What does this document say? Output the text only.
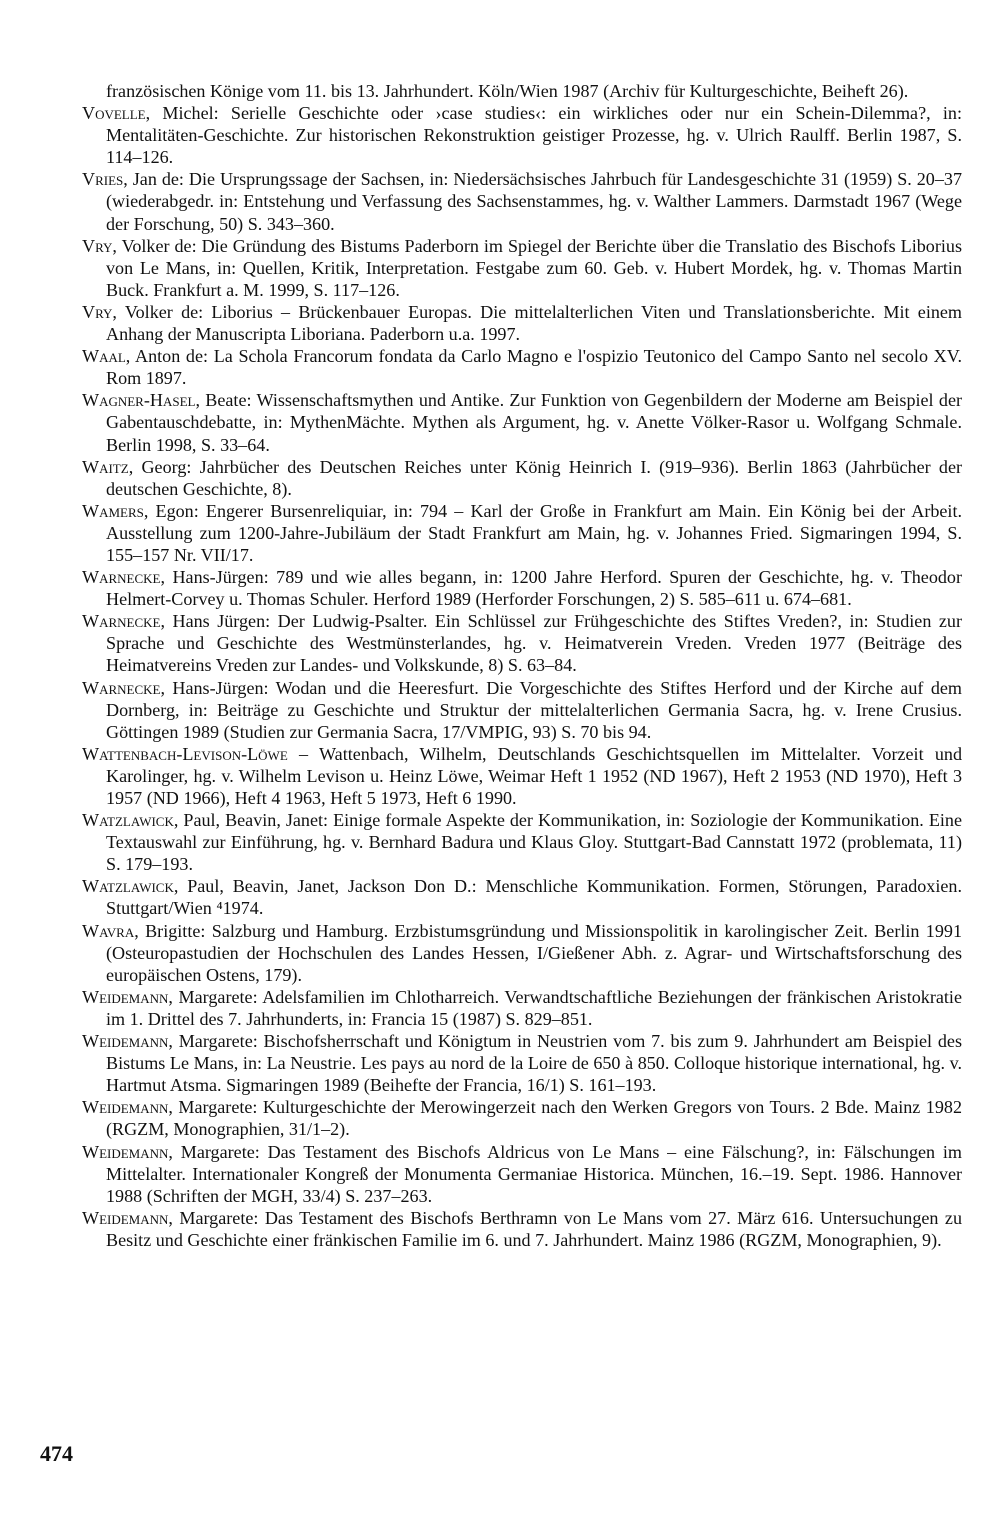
französischen Könige vom 11. bis 13. Jahrhundert. Köln/Wien 1987 (Archiv für Kulturgeschichte, Beiheft 26).

Vovelle, Michel: Serielle Geschichte oder ›case studies‹: ein wirkliches oder nur ein Schein-Dilemma?, in: Mentalitäten-Geschichte. Zur historischen Rekonstruktion geistiger Prozesse, hg. v. Ulrich Raulff. Berlin 1987, S. 114–126.

Vries, Jan de: Die Ursprungssage der Sachsen, in: Niedersächsisches Jahrbuch für Landesgeschichte 31 (1959) S. 20–37 (wiederabgedr. in: Entstehung und Verfassung des Sachsenstammes, hg. v. Walther Lammers. Darmstadt 1967 (Wege der Forschung, 50) S. 343–360.

Vry, Volker de: Die Gründung des Bistums Paderborn im Spiegel der Berichte über die Translatio des Bischofs Liborius von Le Mans, in: Quellen, Kritik, Interpretation. Festgabe zum 60. Geb. v. Hubert Mordek, hg. v. Thomas Martin Buck. Frankfurt a. M. 1999, S. 117–126.

Vry, Volker de: Liborius – Brückenbauer Europas. Die mittelalterlichen Viten und Translationsberichte. Mit einem Anhang der Manuscripta Liboriana. Paderborn u.a. 1997.

Waal, Anton de: La Schola Francorum fondata da Carlo Magno e l'ospizio Teutonico del Campo Santo nel secolo XV. Rom 1897.

Wagner-Hasel, Beate: Wissenschaftsmythen und Antike. Zur Funktion von Gegenbildern der Moderne am Beispiel der Gabentauschdebatte, in: MythenMächte. Mythen als Argument, hg. v. Anette Völker-Rasor u. Wolfgang Schmale. Berlin 1998, S. 33–64.

Waitz, Georg: Jahrbücher des Deutschen Reiches unter König Heinrich I. (919–936). Berlin 1863 (Jahrbücher der deutschen Geschichte, 8).

Wamers, Egon: Engerer Bursenreliquiar, in: 794 – Karl der Große in Frankfurt am Main. Ein König bei der Arbeit. Ausstellung zum 1200-Jahre-Jubiläum der Stadt Frankfurt am Main, hg. v. Johannes Fried. Sigmaringen 1994, S. 155–157 Nr. VII/17.

Warnecke, Hans-Jürgen: 789 und wie alles begann, in: 1200 Jahre Herford. Spuren der Geschichte, hg. v. Theodor Helmert-Corvey u. Thomas Schuler. Herford 1989 (Herforder Forschungen, 2) S. 585–611 u. 674–681.

Warnecke, Hans Jürgen: Der Ludwig-Psalter. Ein Schlüssel zur Frühgeschichte des Stiftes Vreden?, in: Studien zur Sprache und Geschichte des Westmünsterlandes, hg. v. Heimatverein Vreden. Vreden 1977 (Beiträge des Heimatvereins Vreden zur Landes- und Volkskunde, 8) S. 63–84.

Warnecke, Hans-Jürgen: Wodan und die Heeresfurt. Die Vorgeschichte des Stiftes Herford und der Kirche auf dem Dornberg, in: Beiträge zu Geschichte und Struktur der mittelalterlichen Germania Sacra, hg. v. Irene Crusius. Göttingen 1989 (Studien zur Germania Sacra, 17/VMPIG, 93) S. 70 bis 94.

Wattenbach-Levison-Löwe – Wattenbach, Wilhelm, Deutschlands Geschichtsquellen im Mittelalter. Vorzeit und Karolinger, hg. v. Wilhelm Levison u. Heinz Löwe, Weimar Heft 1 1952 (ND 1967), Heft 2 1953 (ND 1970), Heft 3 1957 (ND 1966), Heft 4 1963, Heft 5 1973, Heft 6 1990.

Watzlawick, Paul, Beavin, Janet: Einige formale Aspekte der Kommunikation, in: Soziologie der Kommunikation. Eine Textauswahl zur Einführung, hg. v. Bernhard Badura und Klaus Gloy. Stuttgart-Bad Cannstatt 1972 (problemata, 11) S. 179–193.

Watzlawick, Paul, Beavin, Janet, Jackson Don D.: Menschliche Kommunikation. Formen, Störungen, Paradoxien. Stuttgart/Wien ⁴1974.

Wavra, Brigitte: Salzburg und Hamburg. Erzbistumsgründung und Missionspolitik in karolingischer Zeit. Berlin 1991 (Osteuropastudien der Hochschulen des Landes Hessen, I/Gießener Abh. z. Agrar- und Wirtschaftsforschung des europäischen Ostens, 179).

Weidemann, Margarete: Adelsfamilien im Chlotharreich. Verwandtschaftliche Beziehungen der fränkischen Aristokratie im 1. Drittel des 7. Jahrhunderts, in: Francia 15 (1987) S. 829–851.

Weidemann, Margarete: Bischofsherrschaft und Königtum in Neustrien vom 7. bis zum 9. Jahrhundert am Beispiel des Bistums Le Mans, in: La Neustrie. Les pays au nord de la Loire de 650 à 850. Colloque historique international, hg. v. Hartmut Atsma. Sigmaringen 1989 (Beihefte der Francia, 16/1) S. 161–193.

Weidemann, Margarete: Kulturgeschichte der Merowingerzeit nach den Werken Gregors von Tours. 2 Bde. Mainz 1982 (RGZM, Monographien, 31/1–2).

Weidemann, Margarete: Das Testament des Bischofs Aldricus von Le Mans – eine Fälschung?, in: Fälschungen im Mittelalter. Internationaler Kongreß der Monumenta Germaniae Historica. München, 16.–19. Sept. 1986. Hannover 1988 (Schriften der MGH, 33/4) S. 237–263.

Weidemann, Margarete: Das Testament des Bischofs Berthramn von Le Mans vom 27. März 616. Untersuchungen zu Besitz und Geschichte einer fränkischen Familie im 6. und 7. Jahrhundert. Mainz 1986 (RGZM, Monographien, 9).

474
